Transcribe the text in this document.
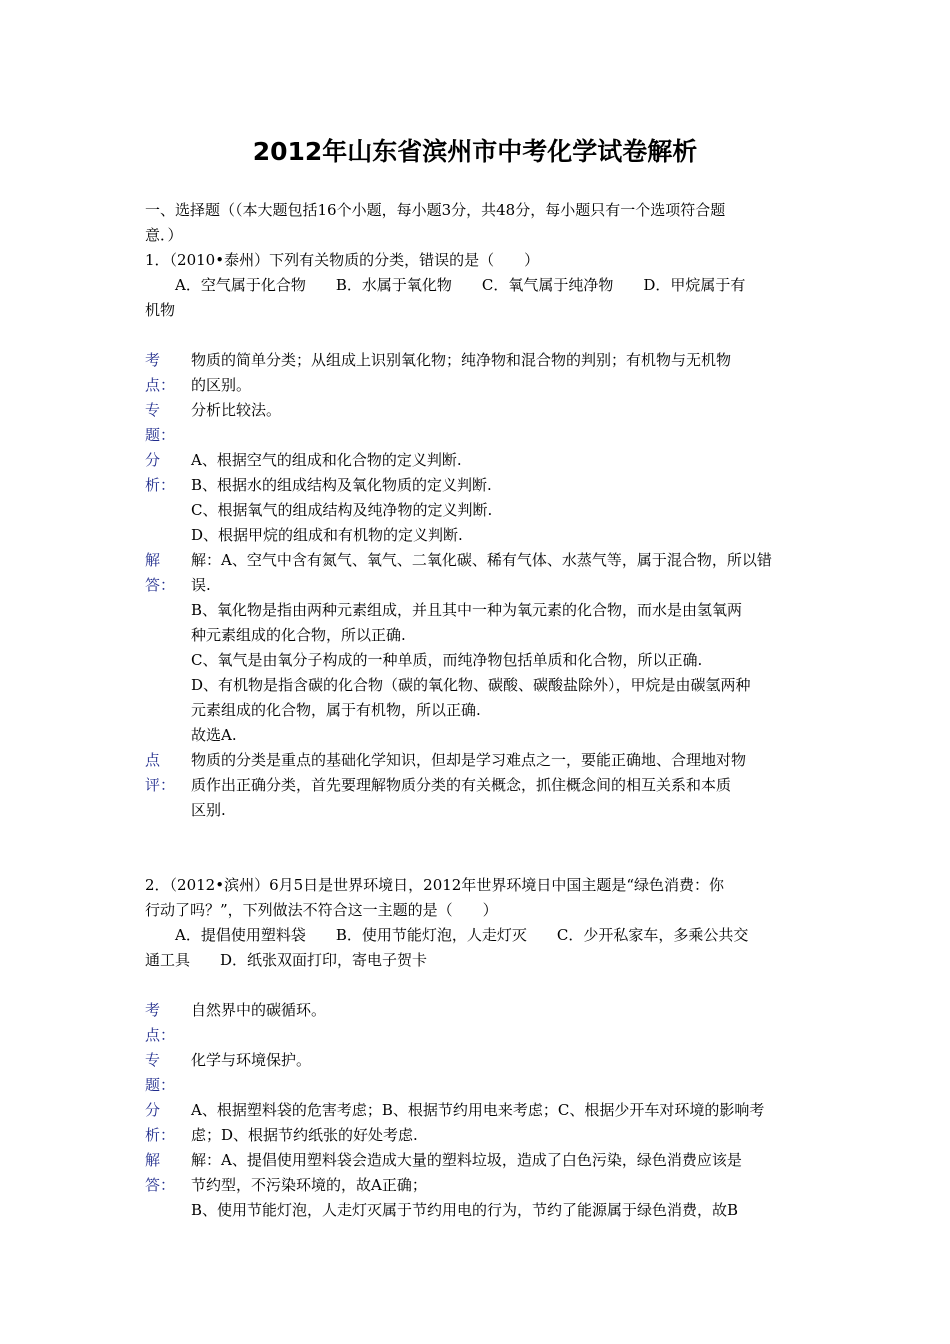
2012年山东省滨州市中考化学试卷解析
一、选择题（（本大题包括16个小题，每小题3分，共48分，每小题只有一个选项符合题
意．）
1．（2010•泰州）下列有关物质的分类，错误的是（　　）
A．空气属于化合物　　B．水属于氧化物　　C．氧气属于纯净物　　D．甲烷属于有
机物
考
点：
物质的简单分类；从组成上识别氧化物；纯净物和混合物的判别；有机物与无机物
的区别。
专
题：
分析比较法。
分
析：
A、根据空气的组成和化合物的定义判断.
B、根据水的组成结构及氧化物质的定义判断.
C、根据氧气的组成结构及纯净物的定义判断.
D、根据甲烷的组成和有机物的定义判断.
解
答：
解：A、空气中含有氮气、氧气、二氧化碳、稀有气体、水蒸气等，属于混合物，所以错
误.
B、氧化物是指由两种元素组成，并且其中一种为氧元素的化合物，而水是由氢氧两
种元素组成的化合物，所以正确.
C、氧气是由氧分子构成的一种单质，而纯净物包括单质和化合物，所以正确.
D、有机物是指含碳的化合物（碳的氧化物、碳酸、碳酸盐除外），甲烷是由碳氢两种
元素组成的化合物，属于有机物，所以正确.
故选A.
点
评：
物质的分类是重点的基础化学知识，但却是学习难点之一，要能正确地、合理地对物
质作出正确分类，首先要理解物质分类的有关概念，抓住概念间的相互关系和本质
区别.
2．（2012•滨州）6月5日是世界环境日，2012年世界环境日中国主题是“绿色消费：你
行动了吗？”，下列做法不符合这一主题的是（　　）
A．提倡使用塑料袋　　B．使用节能灯泡，人走灯灭　　C．少开私家车，多乘公共交
通工具　　D．纸张双面打印，寄电子贺卡
考
点：
自然界中的碳循环。
专
题：
化学与环境保护。
分
析：
A、根据塑料袋的危害考虑；B、根据节约用电来考虑；C、根据少开车对环境的影响考
虑；D、根据节约纸张的好处考虑.
解
答：
解：A、提倡使用塑料袋会造成大量的塑料垃圾，造成了白色污染，绿色消费应该是
节约型，不污染环境的，故A正确；
B、使用节能灯泡，人走灯灭属于节约用电的行为，节约了能源属于绿色消费，故B
